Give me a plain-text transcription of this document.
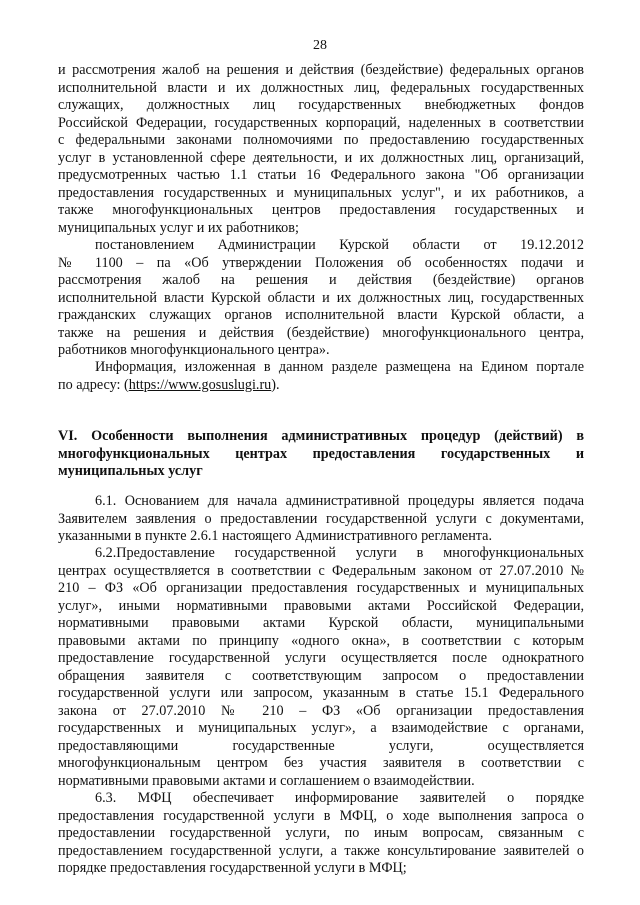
28
и рассмотрения жалоб на решения и действия (бездействие) федеральных органов
исполнительной власти и их должностных лиц, федеральных государственных
служащих, должностных лиц государственных внебюджетных фондов
Российской Федерации, государственных корпораций, наделенных в соответствии
с федеральными законами полномочиями по предоставлению государственных
услуг в установленной сфере деятельности, и их должностных лиц, организаций,
предусмотренных частью 1.1 статьи 16 Федерального закона "Об организации
предоставления государственных и муниципальных услуг", и их работников, а
также многофункциональных центров предоставления государственных и
муниципальных услуг и их работников;
постановлением Администрации Курской области от 19.12.2012
№ 1100 – па «Об утверждении Положения об особенностях подачи и
рассмотрения жалоб на решения и действия (бездействие) органов
исполнительной власти Курской области и их должностных лиц, государственных
гражданских служащих органов исполнительной власти Курской области, а
также на решения и действия (бездействие) многофункционального центра,
работников многофункционального центра».
Информация, изложенная в данном разделе размещена на Едином портале
по адресу: (https://www.gosuslugi.ru).
VI. Особенности выполнения административных процедур (действий) в
многофункциональных центрах предоставления государственных и
муниципальных услуг
6.1. Основанием для начала административной процедуры является подача
Заявителем заявления о предоставлении государственной услуги с документами,
указанными в пункте 2.6.1 настоящего Административного регламента.
6.2.Предоставление государственной услуги в многофункциональных
центрах осуществляется в соответствии с Федеральным законом от 27.07.2010 №
210 – ФЗ «Об организации предоставления государственных и муниципальных
услуг», иными нормативными правовыми актами Российской Федерации,
нормативными правовыми актами Курской области, муниципальными
правовыми актами по принципу «одного окна», в соответствии с которым
предоставление государственной услуги осуществляется после однократного
обращения заявителя с соответствующим запросом о предоставлении
государственной услуги или запросом, указанным в статье 15.1 Федерального
закона от 27.07.2010 № 210 – ФЗ «Об организации предоставления
государственных и муниципальных услуг», а взаимодействие с органами,
предоставляющими государственные услуги, осуществляется
многофункциональным центром без участия заявителя в соответствии с
нормативными правовыми актами и соглашением о взаимодействии.
6.3. МФЦ обеспечивает информирование заявителей о порядке
предоставления государственной услуги в МФЦ, о ходе выполнения запроса о
предоставлении государственной услуги, по иным вопросам, связанным с
предоставлением государственной услуги, а также консультирование заявителей о
порядке предоставления государственной услуги в МФЦ;
